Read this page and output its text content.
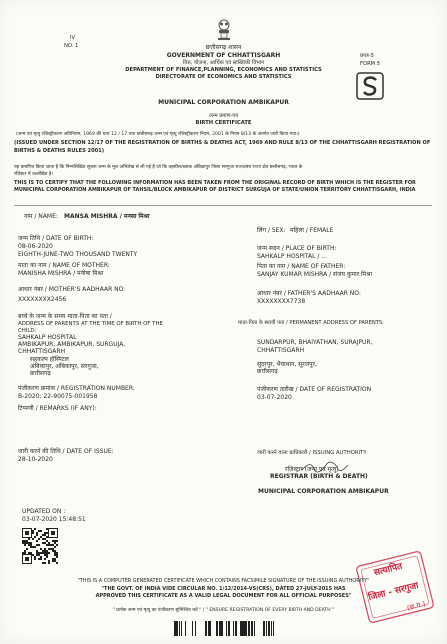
IV
NO. 1	छत्तीसगढ़ शासन
GOVERNMENT OF CHHATTISGARH
वित्त, योजना, आर्थिक एवं सांख्यिकी विभाग
DEPARTMENT OF FINANCE,PLANNING, ECONOMICS AND STATISTICS
DIRECTORATE OF ECONOMICS AND STATISTICS
प्रपत्र-5
FORM 5
MUNICIPAL CORPORATION AMBIKAPUR
जन्म प्रमाण-पत्र
BIRTH CERTIFICATE
(जन्म एवं मृत्यु रजिस्ट्रीकरण अधिनियम, 1969 की धारा 12 / 17 तथा छत्तीसगढ़ जन्म एवं मृत्यु रजिस्ट्रीकरण नियम, 2001 के नियम 8/13 के अंतर्गत जारी किया गया।)
(ISSUED UNDER SECTION 12/17 OF THE REGISTRATION OF BIRTHS & DEATHS ACT, 1969 AND RULE 8/13 OF THE CHHATTISGARH REGISTRATION OF
BIRTHS & DEATHS RULES 2001)
यह प्रमाणित किया जाता है कि निम्नलिखित सूचना जन्म के मूल अभिलेख से ली गई है जो कि तहसील/ब्लाक अंबिकापुर जिला सरगुजा राज्य/संघ राज्य क्षेत्र छत्तीसगढ़, भारत के
रजिस्टर में उल्लेखित है।
THIS IS TO CERTIFY THAT THE FOLLOWING INFORMATION HAS BEEN TAKEN FROM THE ORIGINAL RECORD OF BIRTH WHICH IS THE REGISTER FOR
MUNICIPAL CORPORATION AMBIKAPUR OF TAHSIL/BLOCK AMBIKAPUR OF DISTRICT SURGUJA OF STATE/UNION TERRITORY CHHATTISGARH, INDIA
नाम / NAME: MANSA MISHRA / मनसा मिश्रा
लिंग / SEX: महिला / FEMALE
जन्म तिथि / DATE OF BIRTH:
08-06-2020
EIGHTH-JUNE-TWO THOUSAND TWENTY
जन्म स्थान / PLACE OF BIRTH:
SAHKALP HOSPITAL / ...
माता का नाम / NAME OF MOTHER:
MANISHA MISHRA / मनीषा मिश्रा
पिता का नाम / NAME OF FATHER:
SANJAY KUMAR MISHRA / संजय कुमार मिश्रा
आधार नंबर / MOTHER'S AADHAAR NO:
XXXXXXXX2456
आधार नंबर / FATHER'S AADHAAR NO:
XXXXXXXX7738
बच्चे के जन्म के समय माता-पिता का पता /
ADDRESS OF PARENTS AT THE TIME OF BIRTH OF THE CHILD:
SAHKALP HOSPITAL
AMBIKAPUR, AMBIKAPUR, SURGUJA,
CHHATTISGARH
सहकल्प हॉस्पिटल
अंबिकापुर, अंबिकापुर, सरगुजा,
छत्तीसगढ़
माता-पिता के स्थायी पता / PERMANENT ADDRESS OF PARENTS:
SUNDARPUR, BHAIYATHAN, SURAJPUR,
CHHATTISGARH
सुंदरपुर, भैयाथान, सूरजपुर,
छत्तीसगढ़
पंजीकरण क्रमांक / REGISTRATION NUMBER:
B-2020: 22-90075-001958
पंजीकरण तारीख / DATE OF REGISTRATION
03-07-2020
टिप्पणी / REMARKS (IF ANY):
जारी करने की तिथि / DATE OF ISSUE:
28-10-2020
जारी करने वाला प्राधिकारी / ISSUING AUTHORITY
रजिस्ट्रार (जन्म एवं मृत्यु)
REGISTRAR (BIRTH & DEATH)
MUNICIPAL CORPORATION AMBIKAPUR
UPDATED ON :
03-07-2020 15:48:51
सत्यापित
जिला - सरगुजा
(छ.ग.)
"THIS IS A COMPUTER GENERATED CERTIFICATE WHICH CONTAINS FACSIMILE SIGNATURE OF THE ISSUING AUTHORITY"
"THE GOVT. OF INDIA VIDE CIRCULAR NO. 1/12/2014-VS(CRS), DATED 27-JULY-2015 HAS
APPROVED THIS CERTIFICATE AS A VALID LEGAL DOCUMENT FOR ALL OFFICIAL PURPOSES"
" प्रत्येक जन्म एवं मृत्यु का पंजीकरण सुनिश्चित करें " / " ENSURE REGISTRATION OF EVERY BIRTH AND DEATH "
